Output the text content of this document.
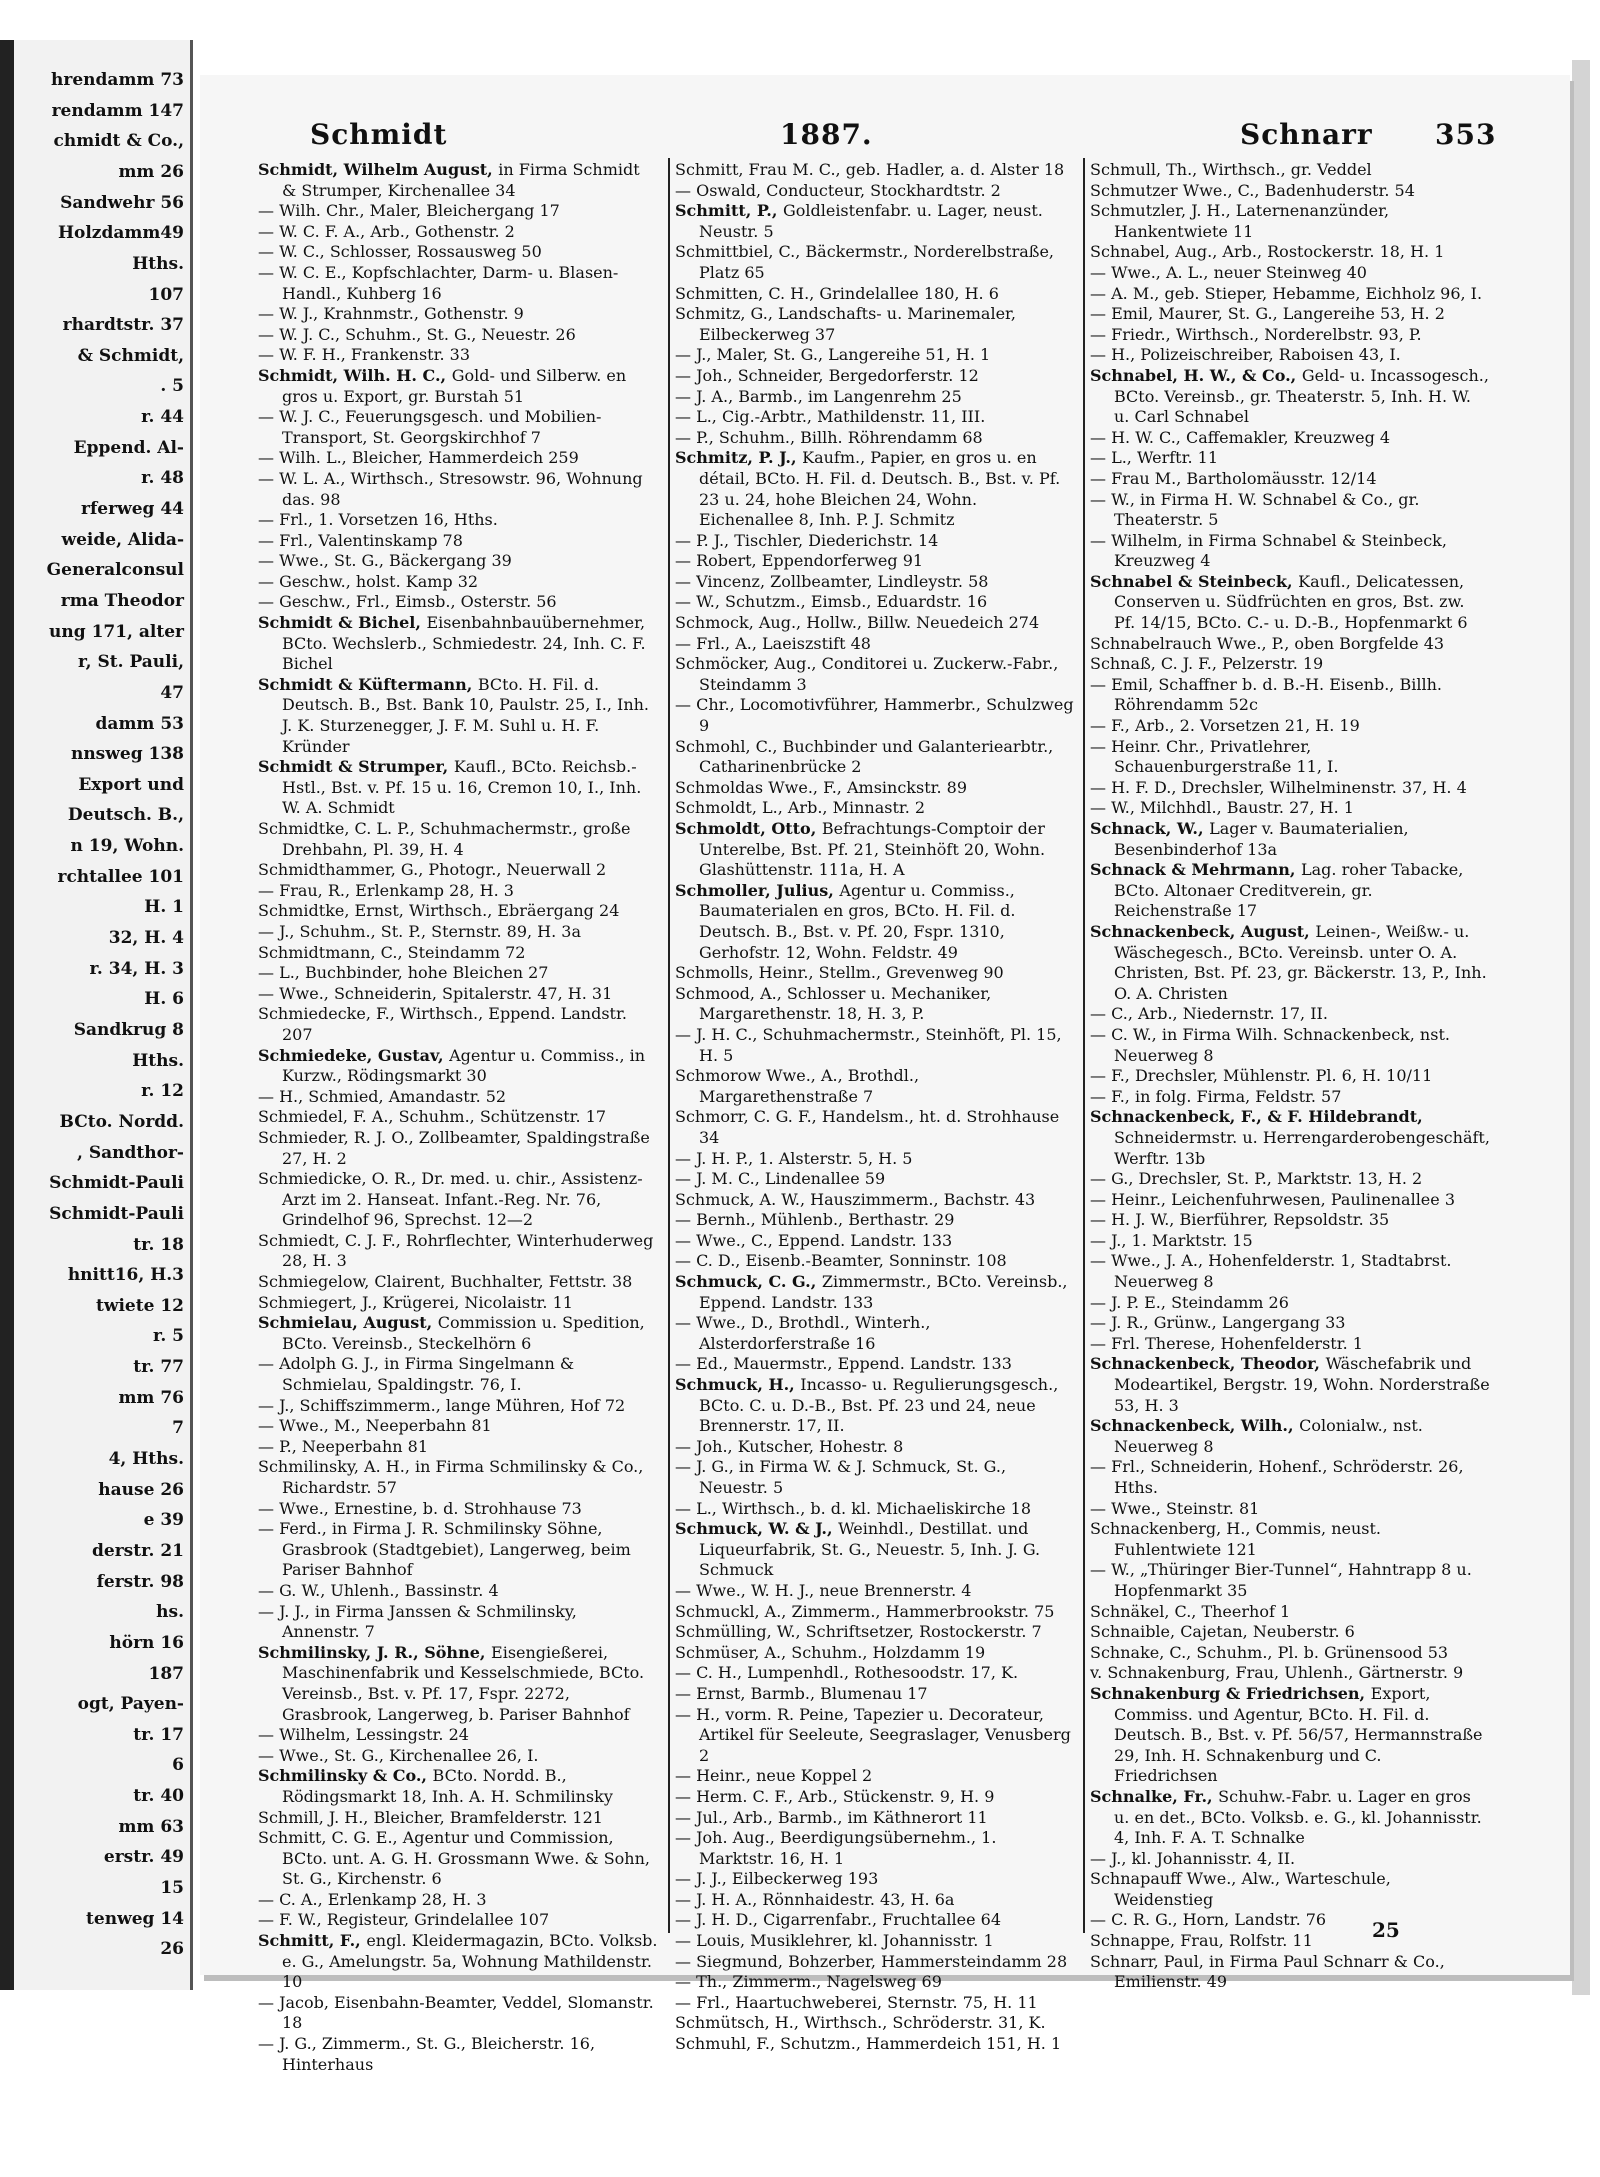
hrendamm 73
rendamm 147
chmidt & Co.,
mm 26
Sandwehr 56
Holzdamm49
Hths.
107
rhardtstr. 37
& Schmidt,
. 5
r. 44
Eppend. Al-
r. 48
rferweg 44
weide, Alida-
Generalconsul
rma Theodor
ung 171, alter
r, St. Pauli,
47
damm 53
nnsweg 138
Export und
Deutsch. B.,
n 19, Wohn.
rchtallee 101
H. 1
32, H. 4
r. 34, H. 3
H. 6
Sandkrug 8
Hths.
r. 12
BCto. Nordd.
, Sandthor-
Schmidt-Pauli
Schmidt-Pauli
tr. 18
hnitt16, H.3
twiete 12
r. 5
tr. 77
mm 76
7
4, Hths.
hause 26
e 39
derstr. 21
ferstr. 98
hs.
hörn 16
187
ogt, Payen-
tr. 17
6
tr. 40
mm 63
erstr. 49
15
tenweg 14
26
Schmidt	1887.	Schnarr 353

Schmidt, Wilhelm August, in Firma Schmidt & Strumper, Kirchenallee 34

— Wilh. Chr., Maler, Bleichergang 17

— W. C. F. A., Arb., Gothenstr. 2

— W. C., Schlosser, Rossausweg 50

— W. C. E., Kopfschlachter, Darm- u. Blasen-Handl., Kuhberg 16

— W. J., Krahnmstr., Gothenstr. 9

— W. J. C., Schuhm., St. G., Neuestr. 26

— W. F. H., Frankenstr. 33

Schmidt, Wilh. H. C., Gold- und Silberw. en gros u. Export, gr. Burstah 51

— W. J. C., Feuerungsgesch. und Mobilien-Transport, St. Georgskirchhof 7

— Wilh. L., Bleicher, Hammerdeich 259

— W. L. A., Wirthsch., Stresowstr. 96, Wohnung das. 98

— Frl., 1. Vorsetzen 16, Hths.

— Frl., Valentinskamp 78

— Wwe., St. G., Bäckergang 39

— Geschw., holst. Kamp 32

— Geschw., Frl., Eimsb., Osterstr. 56

Schmidt & Bichel, Eisenbahnbauübernehmer, BCto. Wechslerb., Schmiedestr. 24, Inh. C. F. Bichel

Schmidt & Küftermann, BCto. H. Fil. d. Deutsch. B., Bst. Bank 10, Paulstr. 25, I., Inh. J. K. Sturzenegger, J. F. M. Suhl u. H. F. Kründer

Schmidt & Strumper, Kaufl., BCto. Reichsb.-Hstl., Bst. v. Pf. 15 u. 16, Cremon 10, I., Inh. W. A. Schmidt

Schmidtke, C. L. P., Schuhmachermstr., große Drehbahn, Pl. 39, H. 4

Schmidthammer, G., Photogr., Neuerwall 2

— Frau, R., Erlenkamp 28, H. 3

Schmidtke, Ernst, Wirthsch., Ebräergang 24

— J., Schuhm., St. P., Sternstr. 89, H. 3a

Schmidtmann, C., Steindamm 72

— L., Buchbinder, hohe Bleichen 27

— Wwe., Schneiderin, Spitalerstr. 47, H. 31

Schmiedecke, F., Wirthsch., Eppend. Landstr. 207

Schmiedeke, Gustav, Agentur u. Commiss., in Kurzw., Rödingsmarkt 30

— H., Schmied, Amandastr. 52

Schmiedel, F. A., Schuhm., Schützenstr. 17

Schmieder, R. J. O., Zollbeamter, Spaldingstraße 27, H. 2

Schmiedicke, O. R., Dr. med. u. chir., Assistenz-Arzt im 2. Hanseat. Infant.-Reg. Nr. 76, Grindelhof 96, Sprechst. 12—2

Schmiedt, C. J. F., Rohrflechter, Winterhuderweg 28, H. 3

Schmiegelow, Clairent, Buchhalter, Fettstr. 38

Schmiegert, J., Krügerei, Nicolaistr. 11

Schmielau, August, Commission u. Spedition, BCto. Vereinsb., Steckelhörn 6

— Adolph G. J., in Firma Singelmann & Schmielau, Spaldingstr. 76, I.

— J., Schiffszimmerm., lange Mühren, Hof 72

— Wwe., M., Neeperbahn 81

— P., Neeperbahn 81

Schmilinsky, A. H., in Firma Schmilinsky & Co., Richardstr. 57

— Wwe., Ernestine, b. d. Strohhause 73

— Ferd., in Firma J. R. Schmilinsky Söhne, Grasbrook (Stadtgebiet), Langerweg, beim Pariser Bahnhof

— G. W., Uhlenh., Bassinstr. 4

— J. J., in Firma Janssen & Schmilinsky, Annenstr. 7

Schmilinsky, J. R., Söhne, Eisengießerei, Maschinenfabrik und Kesselschmiede, BCto. Vereinsb., Bst. v. Pf. 17, Fspr. 2272, Grasbrook, Langerweg, b. Pariser Bahnhof

— Wilhelm, Lessingstr. 24

— Wwe., St. G., Kirchenallee 26, I.

Schmilinsky & Co., BCto. Nordd. B., Rödingsmarkt 18, Inh. A. H. Schmilinsky

Schmill, J. H., Bleicher, Bramfelderstr. 121

Schmitt, C. G. E., Agentur und Commission, BCto. unt. A. G. H. Grossmann Wwe. & Sohn, St. G., Kirchenstr. 6

— C. A., Erlenkamp 28, H. 3

— F. W., Registeur, Grindelallee 107

Schmitt, F., engl. Kleidermagazin, BCto. Volksb. e. G., Amelungstr. 5a, Wohnung Mathildenstr. 10

— Jacob, Eisenbahn-Beamter, Veddel, Slomanstr. 18

— J. G., Zimmerm., St. G., Bleicherstr. 16, Hinterhaus

Schmitt, Frau M. C., geb. Hadler, a. d. Alster 18

— Oswald, Conducteur, Stockhardtstr. 2

Schmitt, P., Goldleistenfabr. u. Lager, neust. Neustr. 5

Schmittbiel, C., Bäckermstr., Norderelbstraße, Platz 65

Schmitten, C. H., Grindelallee 180, H. 6

Schmitz, G., Landschafts- u. Marinemaler, Eilbeckerweg 37

— J., Maler, St. G., Langereihe 51, H. 1

— Joh., Schneider, Bergedorferstr. 12

— J. A., Barmb., im Langenrehm 25

— L., Cig.-Arbtr., Mathildenstr. 11, III.

— P., Schuhm., Billh. Röhrendamm 68

Schmitz, P. J., Kaufm., Papier, en gros u. en détail, BCto. H. Fil. d. Deutsch. B., Bst. v. Pf. 23 u. 24, hohe Bleichen 24, Wohn. Eichenallee 8, Inh. P. J. Schmitz

— P. J., Tischler, Diederichstr. 14

— Robert, Eppendorferweg 91

— Vincenz, Zollbeamter, Lindleystr. 58

— W., Schutzm., Eimsb., Eduardstr. 16

Schmock, Aug., Hollw., Billw. Neuedeich 274

— Frl., A., Laeiszstift 48

Schmöcker, Aug., Conditorei u. Zuckerw.-Fabr., Steindamm 3

— Chr., Locomotivführer, Hammerbr., Schulzweg 9

Schmohl, C., Buchbinder und Galanteriearbtr., Catharinenbrücke 2

Schmoldas Wwe., F., Amsinckstr. 89

Schmoldt, L., Arb., Minnastr. 2

Schmoldt, Otto, Befrachtungs-Comptoir der Unterelbe, Bst. Pf. 21, Steinhöft 20, Wohn. Glashüttenstr. 111a, H. A

Schmoller, Julius, Agentur u. Commiss., Baumaterialen en gros, BCto. H. Fil. d. Deutsch. B., Bst. v. Pf. 20, Fspr. 1310, Gerhofstr. 12, Wohn. Feldstr. 49

Schmolls, Heinr., Stellm., Grevenweg 90

Schmood, A., Schlosser u. Mechaniker, Margarethenstr. 18, H. 3, P.

— J. H. C., Schuhmachermstr., Steinhöft, Pl. 15, H. 5

Schmorow Wwe., A., Brothdl., Margarethenstraße 7

Schmorr, C. G. F., Handelsm., ht. d. Strohhause 34

— J. H. P., 1. Alsterstr. 5, H. 5

— J. M. C., Lindenallee 59

Schmuck, A. W., Hauszimmerm., Bachstr. 43

— Bernh., Mühlenb., Berthastr. 29

— Wwe., C., Eppend. Landstr. 133

— C. D., Eisenb.-Beamter, Sonninstr. 108

Schmuck, C. G., Zimmermstr., BCto. Vereinsb., Eppend. Landstr. 133

— Wwe., D., Brothdl., Winterh., Alsterdorferstraße 16

— Ed., Mauermstr., Eppend. Landstr. 133

Schmuck, H., Incasso- u. Regulierungsgesch., BCto. C. u. D.-B., Bst. Pf. 23 und 24, neue Brennerstr. 17, II.

— Joh., Kutscher, Hohestr. 8

— J. G., in Firma W. & J. Schmuck, St. G., Neuestr. 5

— L., Wirthsch., b. d. kl. Michaeliskirche 18

Schmuck, W. & J., Weinhdl., Destillat. und Liqueurfabrik, St. G., Neuestr. 5, Inh. J. G. Schmuck

— Wwe., W. H. J., neue Brennerstr. 4

Schmuckl, A., Zimmerm., Hammerbrookstr. 75

Schmülling, W., Schriftsetzer, Rostockerstr. 7

Schmüser, A., Schuhm., Holzdamm 19

— C. H., Lumpenhdl., Rothesoodstr. 17, K.

— Ernst, Barmb., Blumenau 17

— H., vorm. R. Peine, Tapezier u. Decorateur, Artikel für Seeleute, Seegraslager, Venusberg 2

— Heinr., neue Koppel 2

— Herm. C. F., Arb., Stückenstr. 9, H. 9

— Jul., Arb., Barmb., im Käthnerort 11

— Joh. Aug., Beerdigungsübernehm., 1. Marktstr. 16, H. 1

— J. J., Eilbeckerweg 193

— J. H. A., Rönnhaidestr. 43, H. 6a

— J. H. D., Cigarrenfabr., Fruchtallee 64

— Louis, Musiklehrer, kl. Johannisstr. 1

— Siegmund, Bohzerber, Hammersteindamm 28

— Th., Zimmerm., Nagelsweg 69

— Frl., Haartuchweberei, Sternstr. 75, H. 11

Schmütsch, H., Wirthsch., Schröderstr. 31, K.

Schmuhl, F., Schutzm., Hammerdeich 151, H. 1

Schmull, Th., Wirthsch., gr. Veddel

Schmutzer Wwe., C., Badenhuderstr. 54

Schmutzler, J. H., Laternenanzünder, Hankentwiete 11

Schnabel, Aug., Arb., Rostockerstr. 18, H. 1

— Wwe., A. L., neuer Steinweg 40

— A. M., geb. Stieper, Hebamme, Eichholz 96, I.

— Emil, Maurer, St. G., Langereihe 53, H. 2

— Friedr., Wirthsch., Norderelbstr. 93, P.

— H., Polizeischreiber, Raboisen 43, I.

Schnabel, H. W., & Co., Geld- u. Incassogesch., BCto. Vereinsb., gr. Theaterstr. 5, Inh. H. W. u. Carl Schnabel

— H. W. C., Caffemakler, Kreuzweg 4

— L., Werftr. 11

— Frau M., Bartholomäusstr. 12/14

— W., in Firma H. W. Schnabel & Co., gr. Theaterstr. 5

— Wilhelm, in Firma Schnabel & Steinbeck, Kreuzweg 4

Schnabel & Steinbeck, Kaufl., Delicatessen, Conserven u. Südfrüchten en gros, Bst. zw. Pf. 14/15, BCto. C.- u. D.-B., Hopfenmarkt 6

Schnabelrauch Wwe., P., oben Borgfelde 43

Schnaß, C. J. F., Pelzerstr. 19

— Emil, Schaffner b. d. B.-H. Eisenb., Billh. Röhrendamm 52c

— F., Arb., 2. Vorsetzen 21, H. 19

— Heinr. Chr., Privatlehrer, Schauenburgerstraße 11, I.

— H. F. D., Drechsler, Wilhelminenstr. 37, H. 4

— W., Milchhdl., Baustr. 27, H. 1

Schnack, W., Lager v. Baumaterialien, Besenbinderhof 13a

Schnack & Mehrmann, Lag. roher Tabacke, BCto. Altonaer Creditverein, gr. Reichenstraße 17

Schnackenbeck, August, Leinen-, Weißw.- u. Wäschegesch., BCto. Vereinsb. unter O. A. Christen, Bst. Pf. 23, gr. Bäckerstr. 13, P., Inh. O. A. Christen

— C., Arb., Niedernstr. 17, II.

— C. W., in Firma Wilh. Schnackenbeck, nst. Neuerweg 8

— F., Drechsler, Mühlenstr. Pl. 6, H. 10/11

— F., in folg. Firma, Feldstr. 57

Schnackenbeck, F., & F. Hildebrandt, Schneidermstr. u. Herrengarderobengeschäft, Werftr. 13b

— G., Drechsler, St. P., Marktstr. 13, H. 2

— Heinr., Leichenfuhrwesen, Paulinenallee 3

— H. J. W., Bierführer, Repsoldstr. 35

— J., 1. Marktstr. 15

— Wwe., J. A., Hohenfelderstr. 1, Stadtabrst. Neuerweg 8

— J. P. E., Steindamm 26

— J. R., Grünw., Langergang 33

— Frl. Therese, Hohenfelderstr. 1

Schnackenbeck, Theodor, Wäschefabrik und Modeartikel, Bergstr. 19, Wohn. Norderstraße 53, H. 3

Schnackenbeck, Wilh., Colonialw., nst. Neuerweg 8

— Frl., Schneiderin, Hohenf., Schröderstr. 26, Hths.

— Wwe., Steinstr. 81

Schnackenberg, H., Commis, neust. Fuhlentwiete 121

— W., „Thüringer Bier-Tunnel“, Hahntrapp 8 u. Hopfenmarkt 35

Schnäkel, C., Theerhof 1

Schnaible, Cajetan, Neuberstr. 6

Schnake, C., Schuhm., Pl. b. Grünensood 53

v. Schnakenburg, Frau, Uhlenh., Gärtnerstr. 9

Schnakenburg & Friedrichsen, Export, Commiss. und Agentur, BCto. H. Fil. d. Deutsch. B., Bst. v. Pf. 56/57, Hermannstraße 29, Inh. H. Schnakenburg und C. Friedrichsen

Schnalke, Fr., Schuhw.-Fabr. u. Lager en gros u. en det., BCto. Volksb. e. G., kl. Johannisstr. 4, Inh. F. A. T. Schnalke

— J., kl. Johannisstr. 4, II.

Schnapauff Wwe., Alw., Warteschule, Weidenstieg

— C. R. G., Horn, Landstr. 76

Schnappe, Frau, Rolfstr. 11

Schnarr, Paul, in Firma Paul Schnarr & Co., Emilienstr. 49

25
